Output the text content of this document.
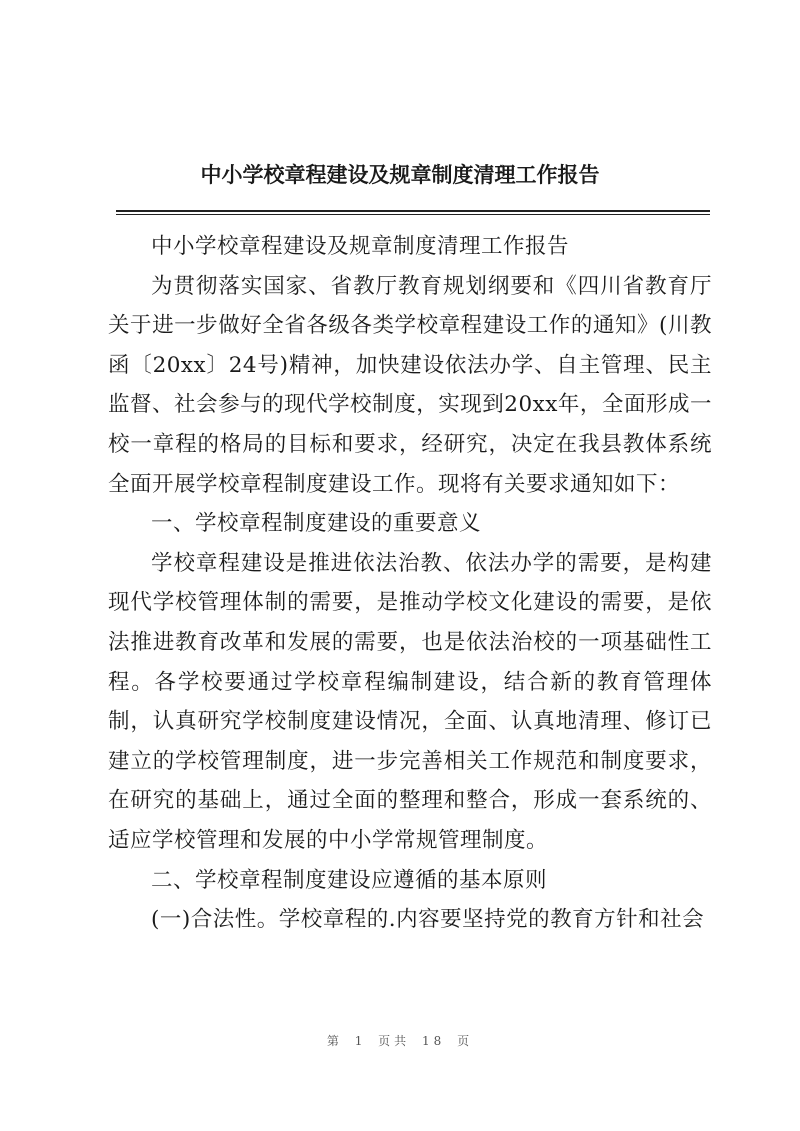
中小学校章程建设及规章制度清理工作报告

中小学校章程建设及规章制度清理工作报告

为贯彻落实国家、省教厅教育规划纲要和《四川省教育厅关于进一步做好全省各级各类学校章程建设工作的通知》(川教函〔20xx〕24号)精神，加快建设依法办学、自主管理、民主监督、社会参与的现代学校制度，实现到20xx年，全面形成一校一章程的格局的目标和要求，经研究，决定在我县教体系统全面开展学校章程制度建设工作。现将有关要求通知如下：

一、学校章程制度建设的重要意义

学校章程建设是推进依法治教、依法办学的需要，是构建现代学校管理体制的需要，是推动学校文化建设的需要，是依法推进教育改革和发展的需要，也是依法治校的一项基础性工程。各学校要通过学校章程编制建设，结合新的教育管理体制，认真研究学校制度建设情况，全面、认真地清理、修订已建立的学校管理制度，进一步完善相关工作规范和制度要求，在研究的基础上，通过全面的整理和整合，形成一套系统的、适应学校管理和发展的中小学常规管理制度。

二、学校章程制度建设应遵循的基本原则

(一)合法性。学校章程的.内容要坚持党的教育方针和社会

第 1 页共 18 页
